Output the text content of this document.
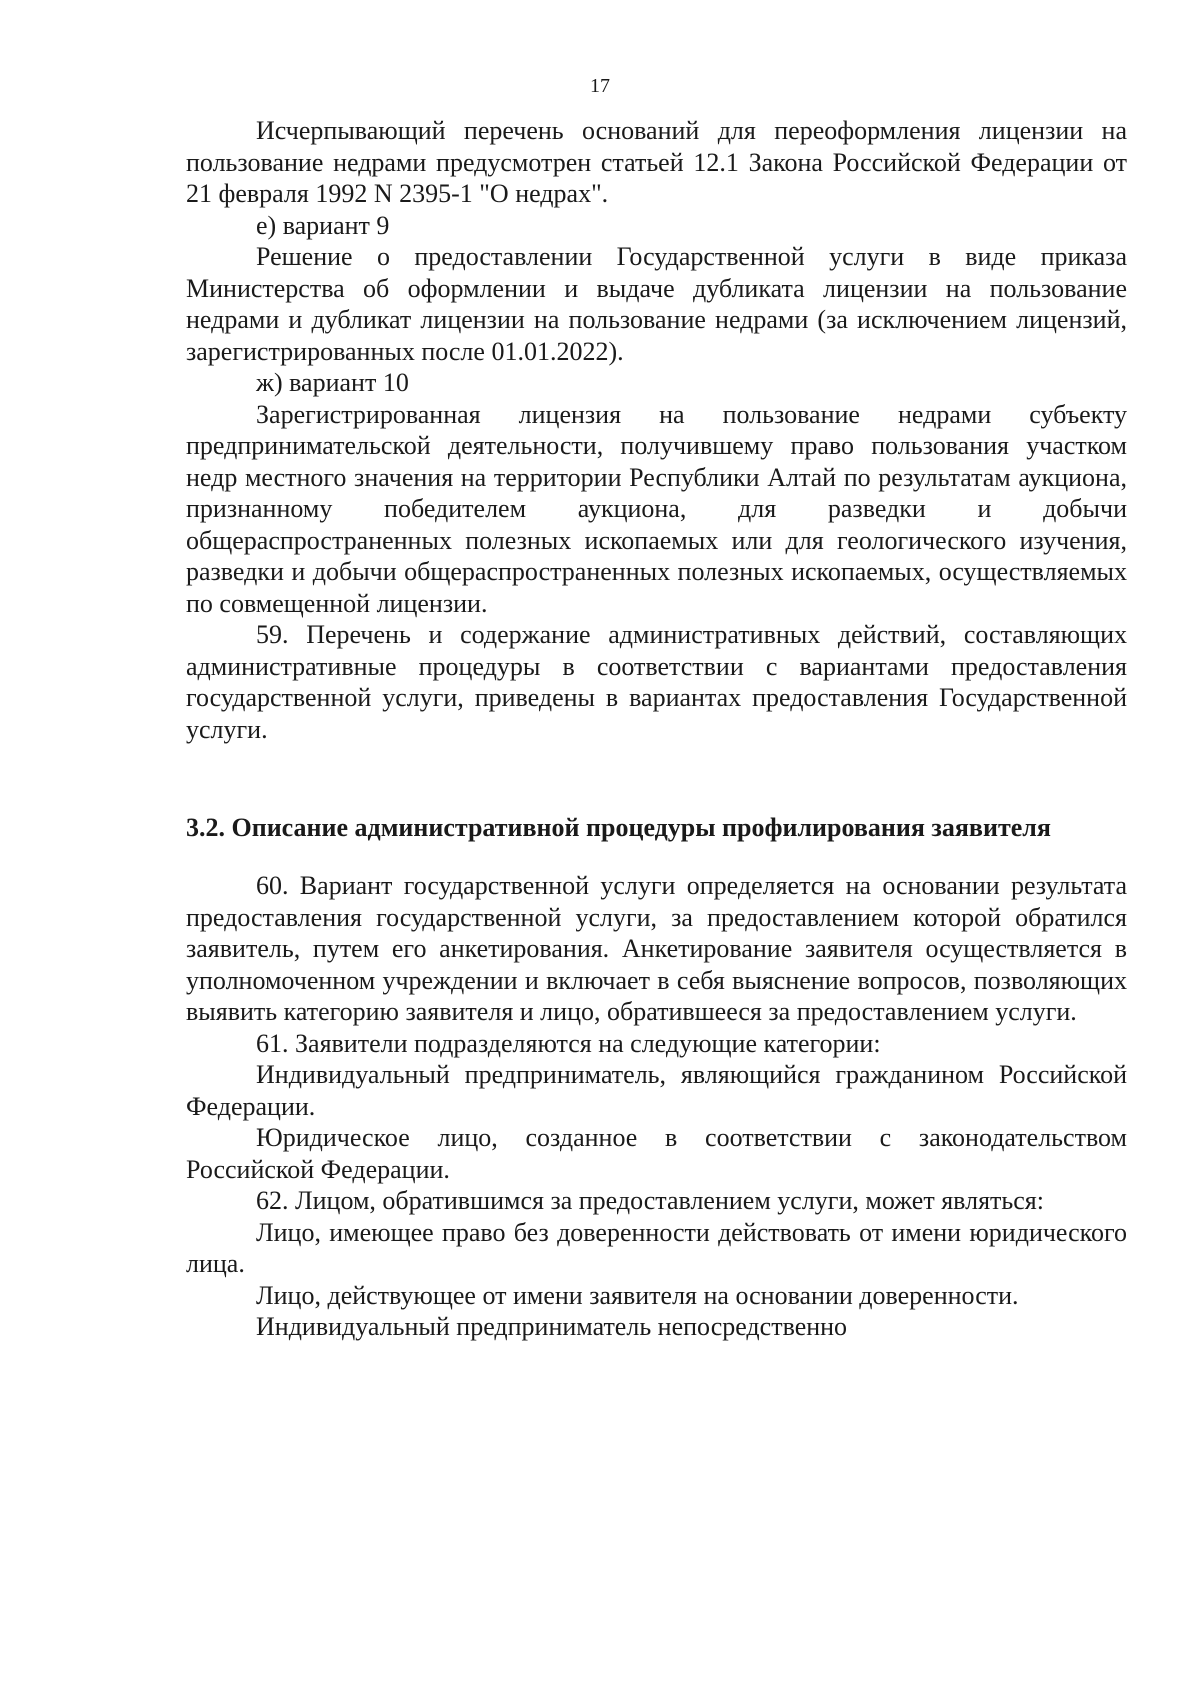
17

Исчерпывающий перечень оснований для переоформления лицензии на пользование недрами предусмотрен статьей 12.1 Закона Российской Федерации от 21 февраля 1992 N 2395-1 "О недрах".

е) вариант 9

Решение о предоставлении Государственной услуги в виде приказа Министерства об оформлении и выдаче дубликата лицензии на пользование недрами и дубликат лицензии на пользование недрами (за исключением лицензий, зарегистрированных после 01.01.2022).

ж) вариант 10

Зарегистрированная лицензия на пользование недрами субъекту предпринимательской деятельности, получившему право пользования участком недр местного значения на территории Республики Алтай по результатам аукциона, признанному победителем аукциона, для разведки и добычи общераспространенных полезных ископаемых или для геологического изучения, разведки и добычи общераспространенных полезных ископаемых, осуществляемых по совмещенной лицензии.

59. Перечень и содержание административных действий, составляющих административные процедуры в соответствии с вариантами предоставления государственной услуги, приведены в вариантах предоставления Государственной услуги.

3.2. Описание административной процедуры профилирования заявителя

60. Вариант государственной услуги определяется на основании результата предоставления государственной услуги, за предоставлением которой обратился заявитель, путем его анкетирования. Анкетирование заявителя осуществляется в уполномоченном учреждении и включает в себя выяснение вопросов, позволяющих выявить категорию заявителя и лицо, обратившееся за предоставлением услуги.

61. Заявители подразделяются на следующие категории:

Индивидуальный предприниматель, являющийся гражданином Российской Федерации.

Юридическое лицо, созданное в соответствии с законодательством Российской Федерации.

62. Лицом, обратившимся за предоставлением услуги, может являться:

Лицо, имеющее право без доверенности действовать от имени юридического лица.

Лицо, действующее от имени заявителя на основании доверенности.

Индивидуальный предприниматель непосредственно
